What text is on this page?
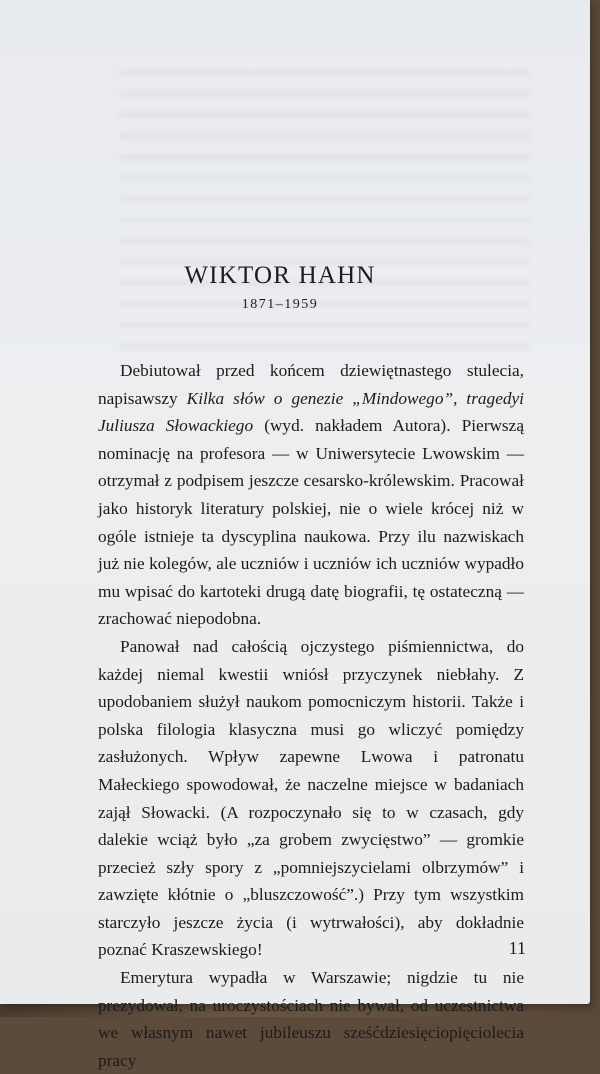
WIKTOR HAHN
1871–1959

Debiutował przed końcem dziewiętnastego stulecia, napisawszy Kilka słów o genezie „Mindowego”, tragedyi Juliusza Słowackiego (wyd. nakładem Autora). Pierwszą nominację na profesora — w Uniwersytecie Lwowskim — otrzymał z podpisem jeszcze cesarsko-królewskim. Pracował jako historyk literatury polskiej, nie o wiele krócej niż w ogóle istnieje ta dyscyplina naukowa. Przy ilu nazwiskach już nie kolegów, ale uczniów i uczniów ich uczniów wypadło mu wpisać do kartoteki drugą datę biografii, tę ostateczną — zrachować niepodobna.

Panował nad całością ojczystego piśmiennictwa, do każdej niemal kwestii wniósł przyczynek niebłahy. Z upodobaniem służył naukom pomocniczym historii. Także i polska filologia klasyczna musi go wliczyć pomiędzy zasłużonych. Wpływ zapewne Lwowa i patronatu Małeckiego spowodował, że naczelne miejsce w badaniach zajął Słowacki. (A rozpoczynało się to w czasach, gdy dalekie wciąż było „za grobem zwycięstwo” — gromkie przecież szły spory z „pomniejszycielami olbrzymów” i zawzięte kłótnie o „bluszczowość”.) Przy tym wszystkim starczyło jeszcze życia (i wytrwałości), aby dokładnie poznać Kraszewskiego!

Emerytura wypadła w Warszawie; nigdzie tu nie prezydował, na uroczystościach nie bywał, od uczestnictwa we własnym nawet jubileuszu sześćdziesięciopięciolecia pracy

11
